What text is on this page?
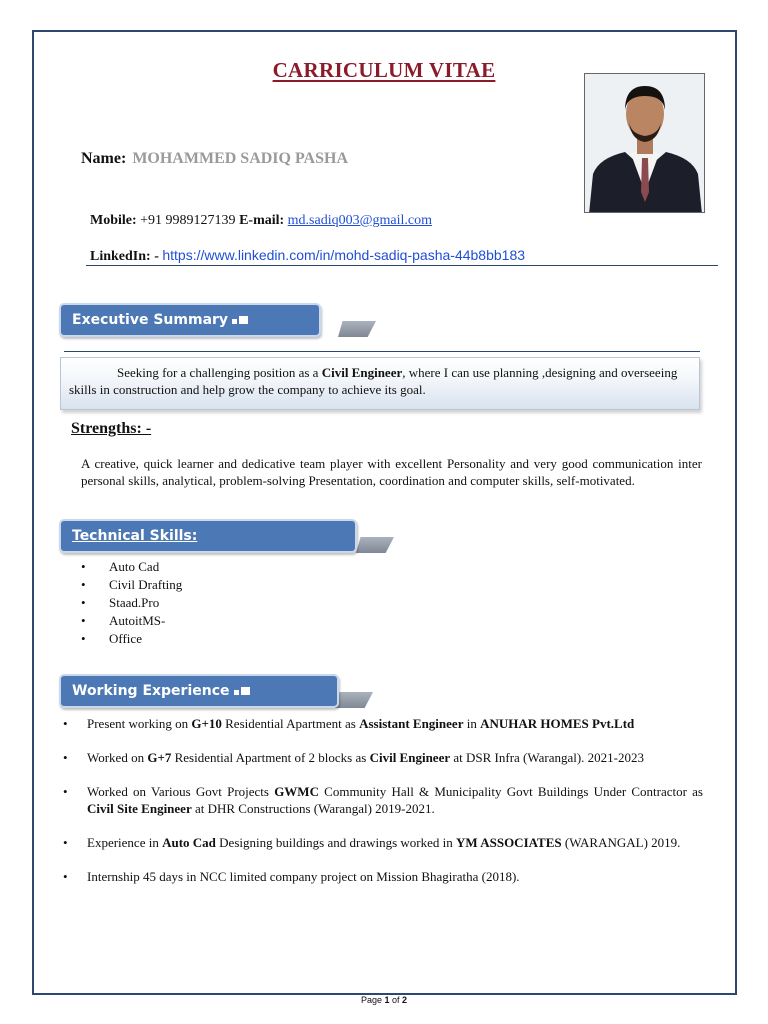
CARRICULUM VITAE
Name: MOHAMMED SADIQ PASHA
Mobile: +91 9989127139 E-mail: md.sadiq003@gmail.com
LinkedIn: - https://www.linkedin.com/in/mohd-sadiq-pasha-44b8bb183
Executive Summary
Seeking for a challenging position as a Civil Engineer, where I can use planning ,designing and overseeing skills in construction and help grow the company to achieve its goal.
Strengths: -
A creative, quick learner and dedicative team player with excellent Personality and very good communication inter personal skills, analytical, problem-solving Presentation, coordination and computer skills, self-motivated.
Technical Skills:
• Auto Cad
• Civil Drafting
• Staad.Pro
• AutoitMS-
• Office
Working Experience
• Present working on G+10 Residential Apartment as Assistant Engineer in ANUHAR HOMES Pvt.Ltd
• Worked on G+7 Residential Apartment of 2 blocks as Civil Engineer at DSR Infra (Warangal). 2021-2023
• Worked on Various Govt Projects GWMC Community Hall & Municipality Govt Buildings Under Contractor as Civil Site Engineer at DHR Constructions (Warangal) 2019-2021.
• Experience in Auto Cad Designing buildings and drawings worked in YM ASSOCIATES (WARANGAL) 2019.
• Internship 45 days in NCC limited company project on Mission Bhagiratha (2018).
Page 1 of 2
